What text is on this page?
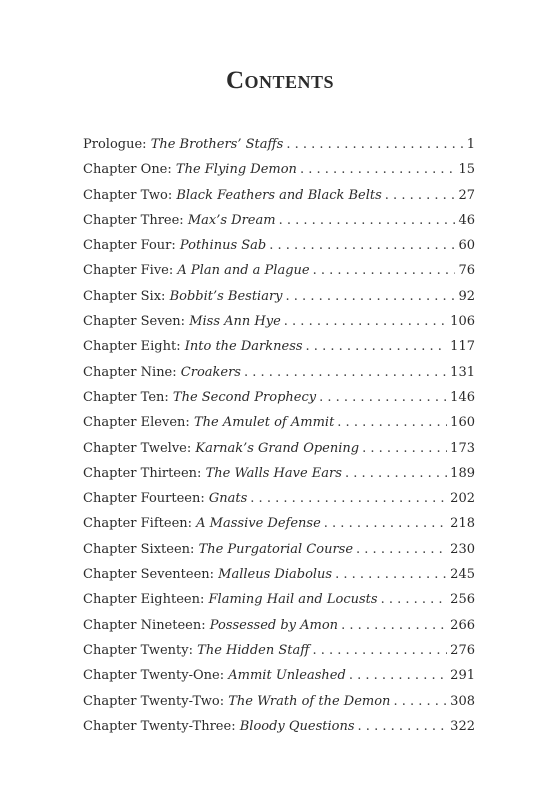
Contents
Prologue: The Brothers’ Staffs . . .	1
Chapter One: The Flying Demon . . .	15
Chapter Two: Black Feathers and Black Belts . . .	27
Chapter Three: Max’s Dream . . .	46
Chapter Four: Pothinus Sab . . .	60
Chapter Five: A Plan and a Plague . . .	76
Chapter Six: Bobbit’s Bestiary . . .	92
Chapter Seven: Miss Ann Hye . . .	106
Chapter Eight: Into the Darkness . . .	117
Chapter Nine: Croakers . . .	131
Chapter Ten: The Second Prophecy . . .	146
Chapter Eleven: The Amulet of Ammit . . .	160
Chapter Twelve: Karnak’s Grand Opening . . .	173
Chapter Thirteen: The Walls Have Ears . . .	189
Chapter Fourteen: Gnats . . .	202
Chapter Fifteen: A Massive Defense . . .	218
Chapter Sixteen: The Purgatorial Course . . .	230
Chapter Seventeen: Malleus Diabolus . . .	245
Chapter Eighteen: Flaming Hail and Locusts . . .	256
Chapter Nineteen: Possessed by Amon . . .	266
Chapter Twenty: The Hidden Staff . . .	276
Chapter Twenty-One: Ammit Unleashed . . .	291
Chapter Twenty-Two: The Wrath of the Demon . . .	308
Chapter Twenty-Three: Bloody Questions . . .	322
